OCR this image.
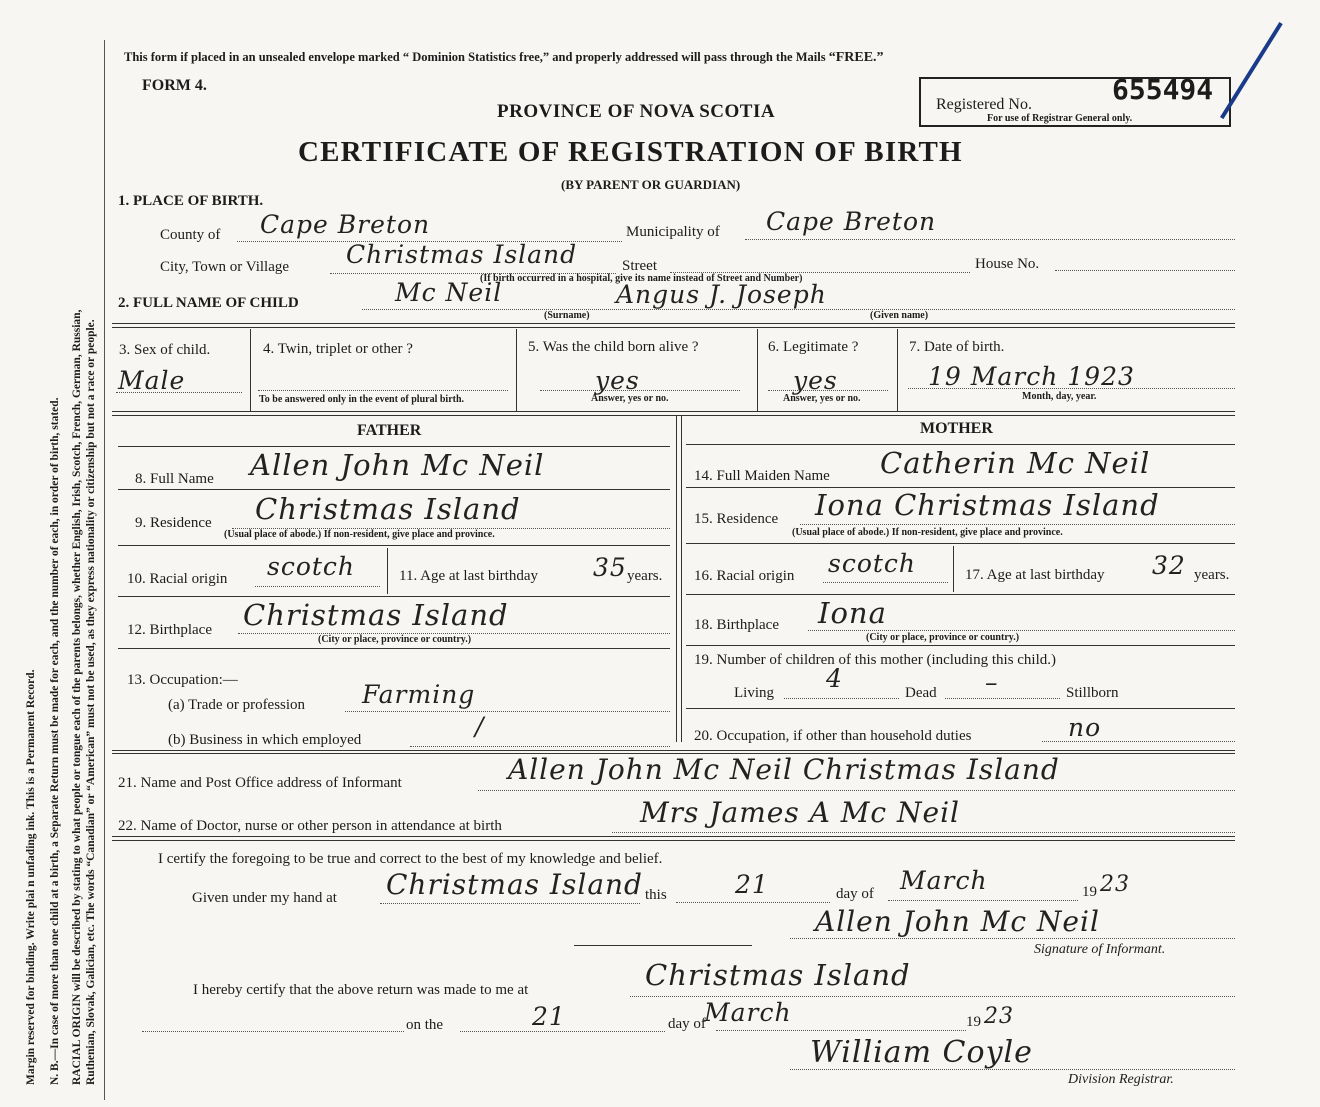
Margin reserved for binding. Write plai n unfading ink. This is a Permanent Record. N. B.—In case of more than one child at a birth, a Separate Return must be made for each, and the number of each, in order of birth, stated. RACIAL ORIGIN will be described by stating to what people or tongue each of the parents belongs, whether English, Irish, Scotch, French, German, Russian, Ruthenian, Slovak, Galician, etc. The words “Canadian” or “American” must not be used, as they express nationality or citizenship but not a race or people.
This form if placed in an unsealed envelope marked “ Dominion Statistics free,” and properly addressed will pass through the Mails “FREE.”
FORM 4.
PROVINCE OF NOVA SCOTIA
CERTIFICATE OF REGISTRATION OF BIRTH
(BY PARENT OR GUARDIAN)
Registered No.	655494
For use of Registrar General only.
1. PLACE OF BIRTH.
County of Cape Breton	Municipality of Cape Breton
City, Town or Village Christmas Island	Street	House No.
(If birth occurred in a hospital, give its name instead of Street and Number)
2. FULL NAME OF CHILD	Mc Neil	Angus J. Joseph
(Surname)	(Given name)
3. Sex of child.
Male
4. Twin, triplet or other ?
To be answered only in the event of plural birth.
5. Was the child born alive ?
yes
Answer, yes or no.
6. Legitimate ?
yes
Answer, yes or no.
7. Date of birth.
19 March 1923
Month, day, year.
FATHER	MOTHER
8. Full Name Allen John Mc Neil
9. Residence Christmas Island
(Usual place of abode.) If non-resident, give place and province.
10. Racial origin scotch	11. Age at last birthday 35 years.
12. Birthplace Christmas Island
(City or place, province or country.)
13. Occupation:—
(a) Trade or profession Farming
(b) Business in which employed	/
14. Full Maiden Name Catherin Mc Neil
15. Residence Iona Christmas Island
(Usual place of abode.) If non-resident, give place and province.
16. Racial origin scotch	17. Age at last birthday 32 years.
18. Birthplace Iona
(City or place, province or country.)
19. Number of children of this mother (including this child.)
Living 4	Dead –	Stillborn
20. Occupation, if other than household duties	no
21. Name and Post Office address of Informant	Allen John Mc Neil Christmas Island
22. Name of Doctor, nurse or other person in attendance at birth	Mrs James A Mc Neil
I certify the foregoing to be true and correct to the best of my knowledge and belief.
Given under my hand at Christmas Island this	21	day of March	19 23
Allen John Mc Neil
Signature of Informant.
I hereby certify that the above return was made to me at	Christmas Island
on the	21	day of
March	19 23
William Coyle
Division Registrar.
